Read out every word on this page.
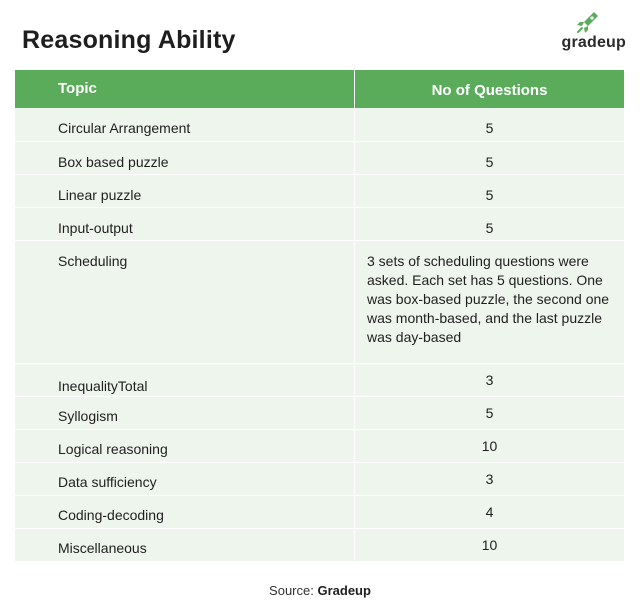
Reasoning Ability	gradeup
Topic	No of Questions
Circular Arrangement	5
Box based puzzle	5
Linear puzzle	5
Input-output	5
Scheduling	3 sets of scheduling questions were asked. Each set has 5 questions. One was box-based puzzle, the second one was month-based, and the last puzzle was day-based
InequalityTotal	3
Syllogism	5
Logical reasoning	10
Data sufficiency	3
Coding-decoding	4
Miscellaneous	10
Source: Gradeup
